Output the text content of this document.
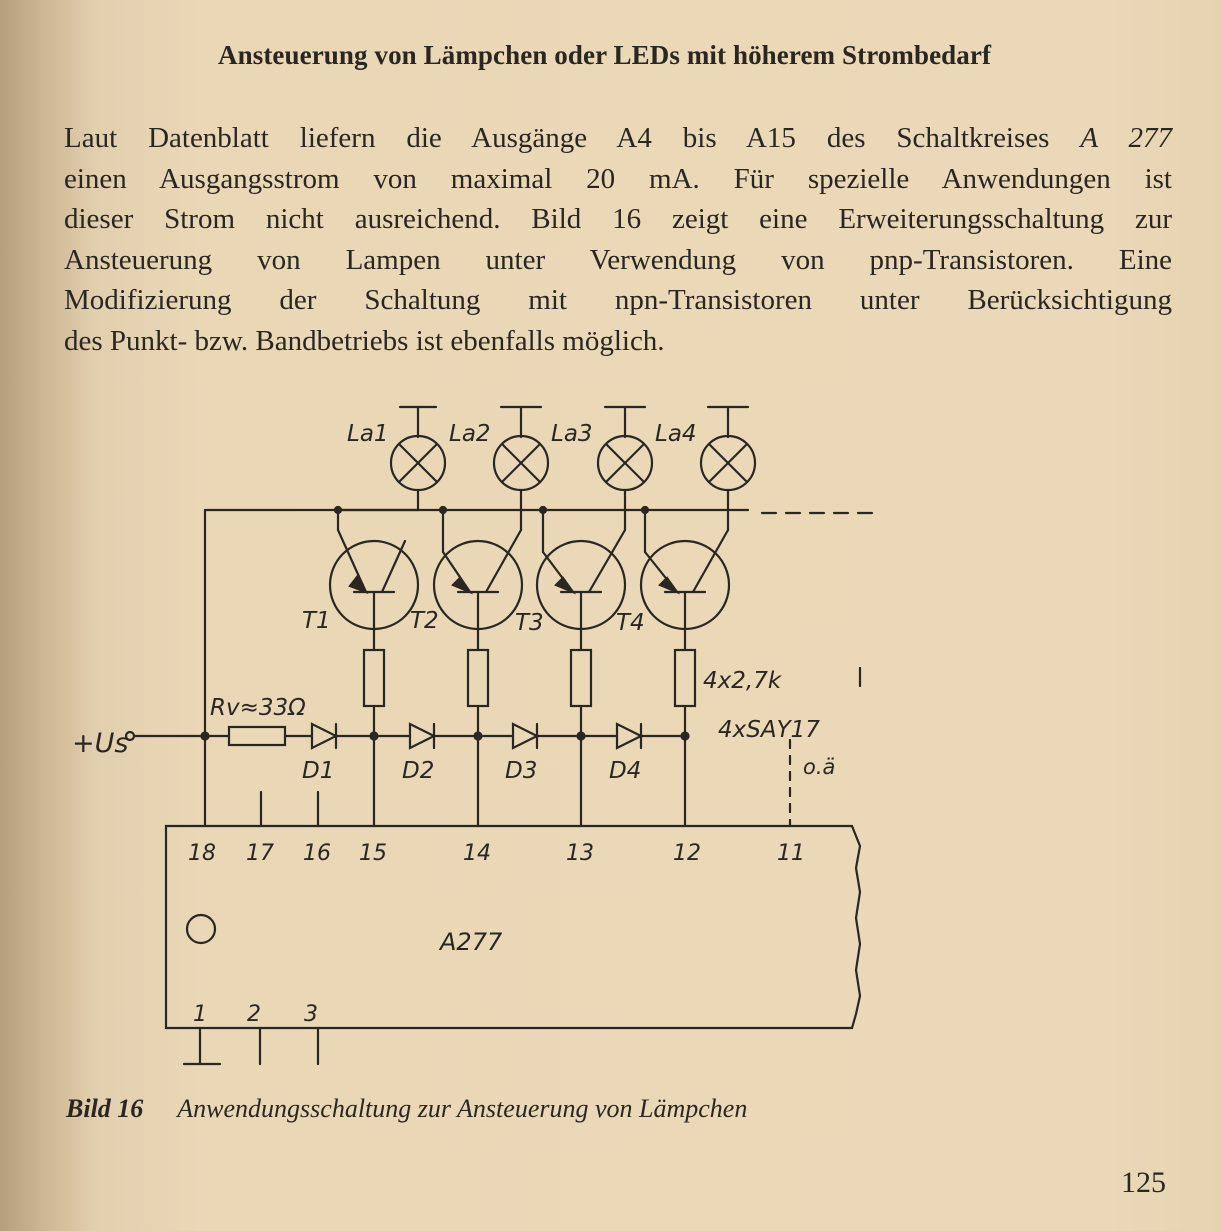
Ansteuerung von Lämpchen oder LEDs mit höherem Strombedarf
Laut Datenblatt liefern die Ausgänge A4 bis A15 des Schaltkreises A 277
einen Ausgangsstrom von maximal 20 mA. Für spezielle Anwendungen ist
dieser Strom nicht ausreichend. Bild 16 zeigt eine Erweiterungsschaltung zur
Ansteuerung von Lampen unter Verwendung von pnp-Transistoren. Eine
Modifizierung der Schaltung mit npn-Transistoren unter Berücksichtigung
des Punkt- bzw. Bandbetriebs ist ebenfalls möglich.
La1	La2	La3	La4
T1	T2	T3	T4
4x2,7k
Rv≈33Ω
4xSAY17
o.ä
+Us
D1	D2	D3	D4
A277
18 17 16 15	14	13	12	11
1 2 3
Bild 16 Anwendungsschaltung zur Ansteuerung von Lämpchen
125
